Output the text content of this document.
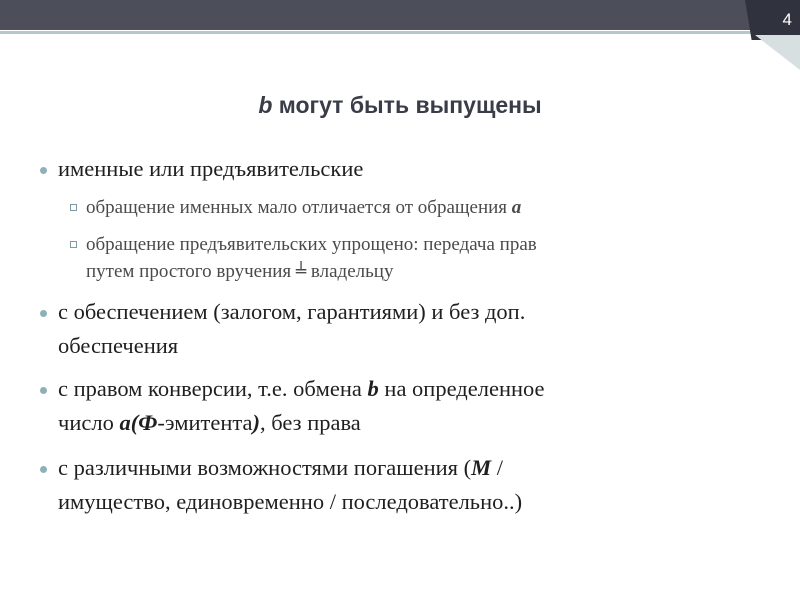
4
b могут быть выпущены
именные или предъявительские
обращение именных мало отличается от обращения a
обращение предъявительских упрощено: передача прав
путем простого вручения ╧ владельцу
с обеспечением (залогом, гарантиями) и без доп.
обеспечения
с правом конверсии, т.е. обмена b на определенное
число a(Ф-эмитента), без права
с различными возможностями погашения (M /
имущество, единовременно / последовательно..)
